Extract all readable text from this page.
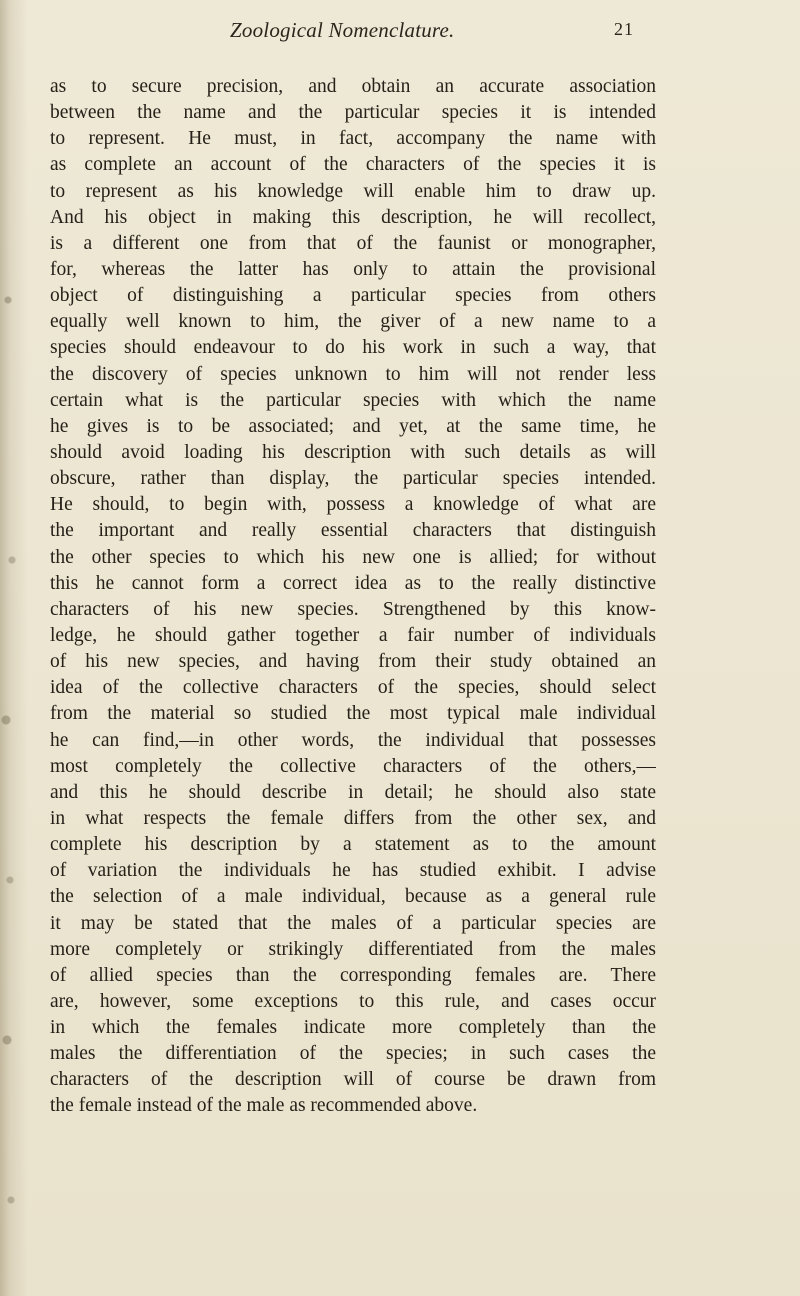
Zoological Nomenclature.	21
as to secure precision, and obtain an accurate association
between the name and the particular species it is intended
to represent. He must, in fact, accompany the name with
as complete an account of the characters of the species it is
to represent as his knowledge will enable him to draw up.
And his object in making this description, he will recollect,
is a different one from that of the faunist or monographer,
for, whereas the latter has only to attain the provisional
object of distinguishing a particular species from others
equally well known to him, the giver of a new name to a
species should endeavour to do his work in such a way, that
the discovery of species unknown to him will not render less
certain what is the particular species with which the name
he gives is to be associated; and yet, at the same time, he
should avoid loading his description with such details as will
obscure, rather than display, the particular species intended.
He should, to begin with, possess a knowledge of what are
the important and really essential characters that distinguish
the other species to which his new one is allied; for without
this he cannot form a correct idea as to the really distinctive
characters of his new species. Strengthened by this know-
ledge, he should gather together a fair number of individuals
of his new species, and having from their study obtained an
idea of the collective characters of the species, should select
from the material so studied the most typical male individual
he can find,—in other words, the individual that possesses
most completely the collective characters of the others,—
and this he should describe in detail; he should also state
in what respects the female differs from the other sex, and
complete his description by a statement as to the amount
of variation the individuals he has studied exhibit. I advise
the selection of a male individual, because as a general rule
it may be stated that the males of a particular species are
more completely or strikingly differentiated from the males
of allied species than the corresponding females are. There
are, however, some exceptions to this rule, and cases occur
in which the females indicate more completely than the
males the differentiation of the species; in such cases the
characters of the description will of course be drawn from
the female instead of the male as recommended above.
